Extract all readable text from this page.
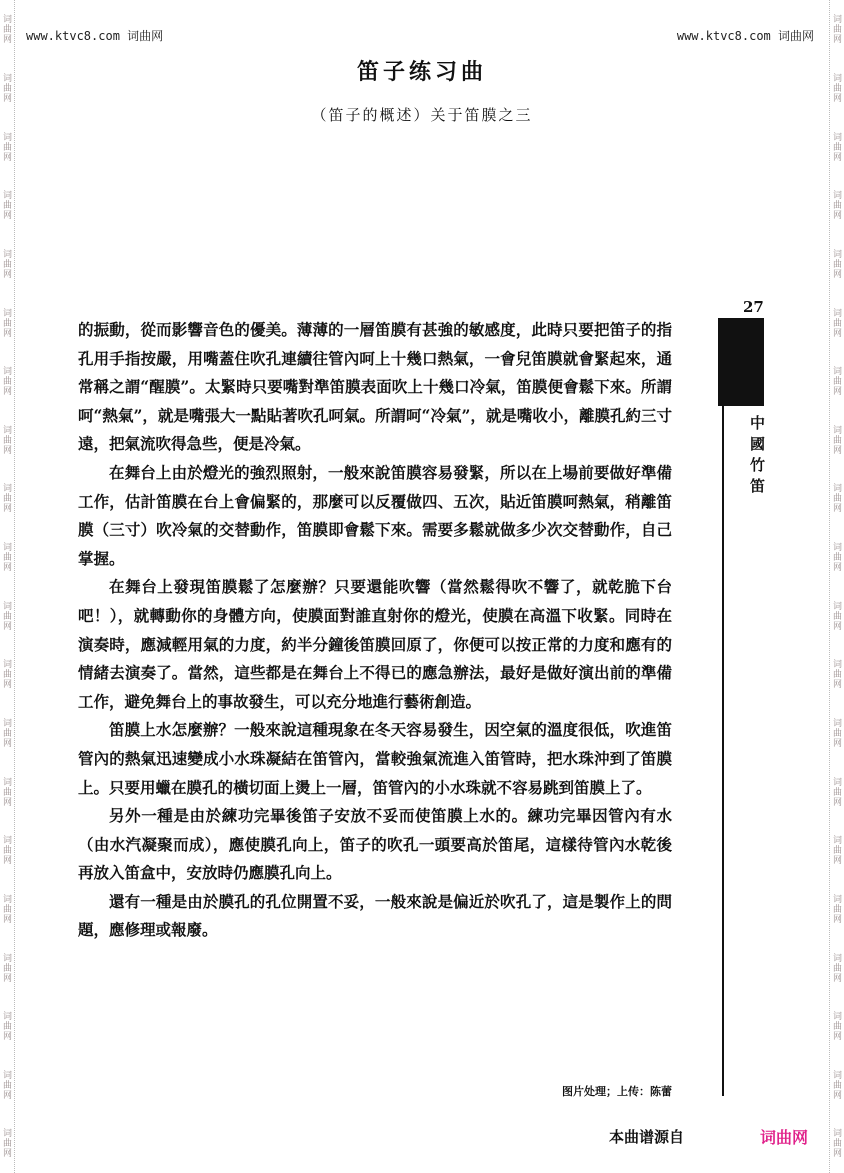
词曲网
词曲网
词曲网
词曲网
词曲网
词曲网
词曲网
词曲网
词曲网
词曲网
词曲网
词曲网
词曲网
词曲网
词曲网
词曲网
词曲网
词曲网
词曲网
词曲网
词曲网
词曲网
词曲网
词曲网
词曲网
词曲网
词曲网
词曲网
词曲网
词曲网
词曲网
词曲网
词曲网
词曲网
词曲网
词曲网
词曲网
词曲网
词曲网
词曲网
www.ktvc8.com 词曲网	www.ktvc8.com 词曲网
笛子练习曲
（笛子的概述）关于笛膜之三
27
中國竹笛

的振動，從而影響音色的優美。薄薄的一層笛膜有甚強的敏感度，此時只要把笛子的指孔用手指按嚴，用嘴蓋住吹孔連續往管內呵上十幾口熱氣，一會兒笛膜就會緊起來，通常稱之謂“醒膜”。太緊時只要嘴對準笛膜表面吹上十幾口冷氣，笛膜便會鬆下來。所謂呵“熱氣”，就是嘴張大一點貼著吹孔呵氣。所謂呵“冷氣”，就是嘴收小，離膜孔約三寸遠，把氣流吹得急些，便是冷氣。

在舞台上由於燈光的強烈照射，一般來說笛膜容易發緊，所以在上場前要做好準備工作，估計笛膜在台上會偏緊的，那麼可以反覆做四、五次，貼近笛膜呵熱氣，稍離笛膜（三寸）吹冷氣的交替動作，笛膜即會鬆下來。需要多鬆就做多少次交替動作，自己掌握。

在舞台上發現笛膜鬆了怎麼辦？只要還能吹響（當然鬆得吹不響了，就乾脆下台吧！），就轉動你的身體方向，使膜面對誰直射你的燈光，使膜在高溫下收緊。同時在演奏時，應減輕用氣的力度，約半分鐘後笛膜回原了，你便可以按正常的力度和應有的情緒去演奏了。當然，這些都是在舞台上不得已的應急辦法，最好是做好演出前的準備工作，避免舞台上的事故發生，可以充分地進行藝術創造。

笛膜上水怎麼辦？一般來說這種現象在冬天容易發生，因空氣的溫度很低，吹進笛管內的熱氣迅速變成小水珠凝結在笛管內，當較強氣流進入笛管時，把水珠沖到了笛膜上。只要用蠟在膜孔的橫切面上燙上一層，笛管內的小水珠就不容易跳到笛膜上了。

另外一種是由於練功完畢後笛子安放不妥而使笛膜上水的。練功完畢因管內有水（由水汽凝聚而成），應使膜孔向上，笛子的吹孔一頭要高於笛尾，這樣待管內水乾後再放入笛盒中，安放時仍應膜孔向上。

還有一種是由於膜孔的孔位開置不妥，一般來說是偏近於吹孔了，這是製作上的問題，應修理或報廢。

图片处理；上传：陈蕾
本曲谱源自	词曲网
